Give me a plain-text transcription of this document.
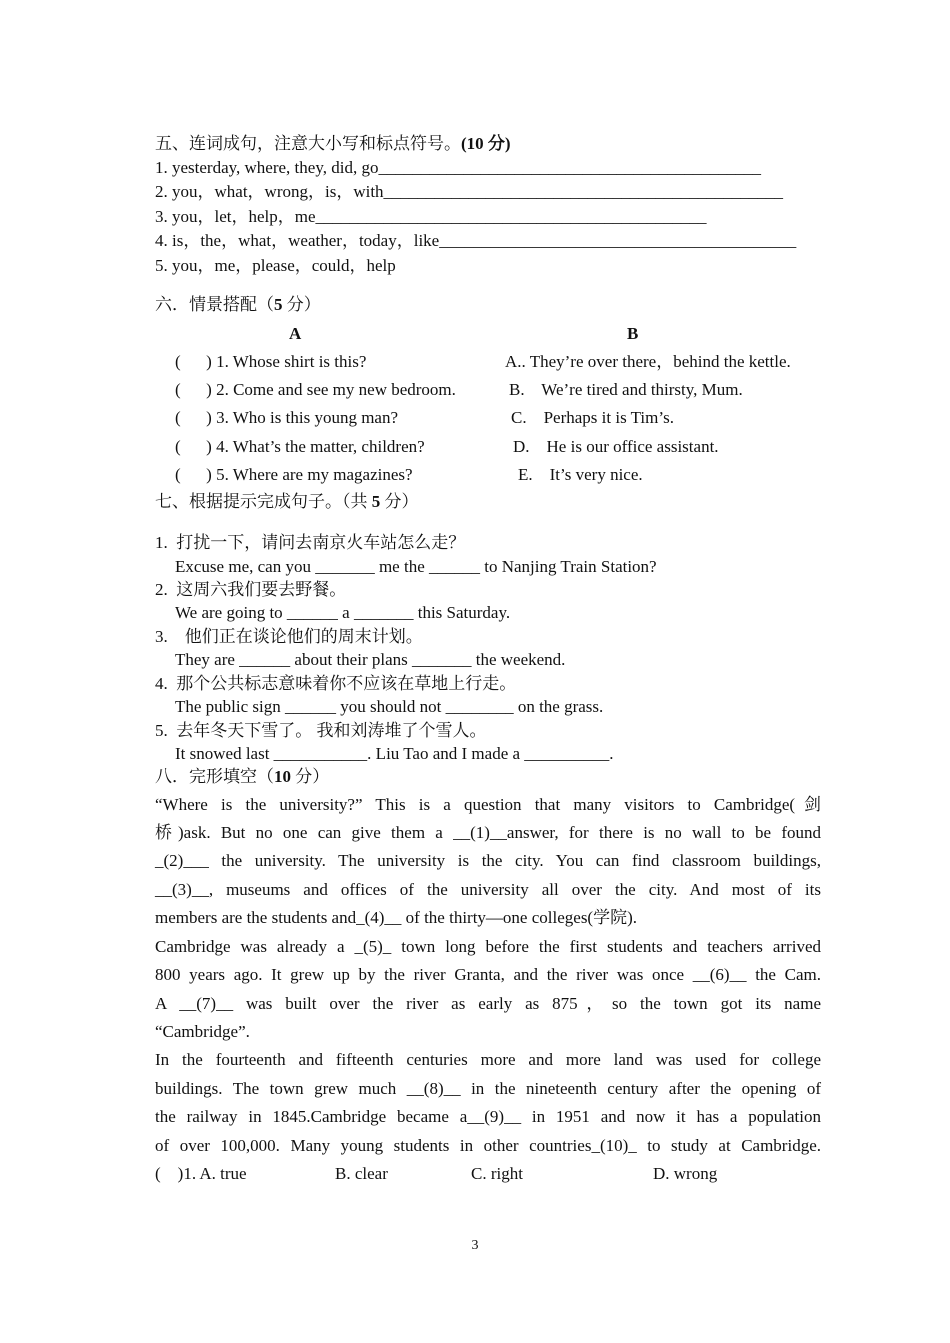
五、连词成句，注意大小写和标点符号。(10 分)
1. yesterday, where, they, did, go_____________________________________________
2. you，what，wrong，is，with_______________________________________________
3. you，let，help，me______________________________________________
4. is，the，what，weather，today，like__________________________________________
5. you，me，please，could，help
六．情景搭配（5 分）
A	B
(      ) 1. Whose shirt is this?	A.. They’re over there，behind the kettle.
(      ) 2. Come and see my new bedroom.	B.    We’re tired and thirsty, Mum.
(      ) 3. Who is this young man?	C.    Perhaps it is Tim’s.
(      ) 4. What’s the matter, children?	D.    He is our office assistant.
(      ) 5. Where are my magazines?	E.    It’s very nice.
七、根据提示完成句子。（共 5 分）
1.  打扰一下，请问去南京火车站怎么走？
Excuse me, can you _______ me the ______ to Nanjing Train Station?
2.  这周六我们要去野餐。
We are going to ______ a _______ this Saturday.
3.    他们正在谈论他们的周末计划。
They are ______ about their plans _______ the weekend.
4.  那个公共标志意味着你不应该在草地上行走。
The public sign ______ you should not ________ on the grass.
5.  去年冬天下雪了。 我和刘涛堆了个雪人。
It snowed last ___________. Liu Tao and I made a __________.
八．完形填空（10 分）
“Where is the university?” This is a question that many visitors to Cambridge(剑
桥)ask. But no one can give them a __(1)__answer, for there is no wall to be found
_(2)___ the university. The university is the city. You can find classroom buildings,
__(3)__, museums and offices of the university all over the city. And most of its
members are the students and_(4)__ of the thirty—one colleges(学院).
Cambridge was already a _(5)_ town long before the first students and teachers arrived
800 years ago. It grew up by the river Granta, and the river was once __(6)__ the Cam.
A __(7)__ was built over the river as early as 875，so the town got its name
“Cambridge”.
In the fourteenth and fifteenth centuries more and more land was used for college
buildings. The town grew much __(8)__ in the nineteenth century after the opening of
the railway in 1845.Cambridge became a__(9)__ in 1951 and now it has a population
of over 100,000. Many young students in other countries_(10)_ to study at Cambridge.
(    )1. A. true	B. clear	C. right	D. wrong
3
